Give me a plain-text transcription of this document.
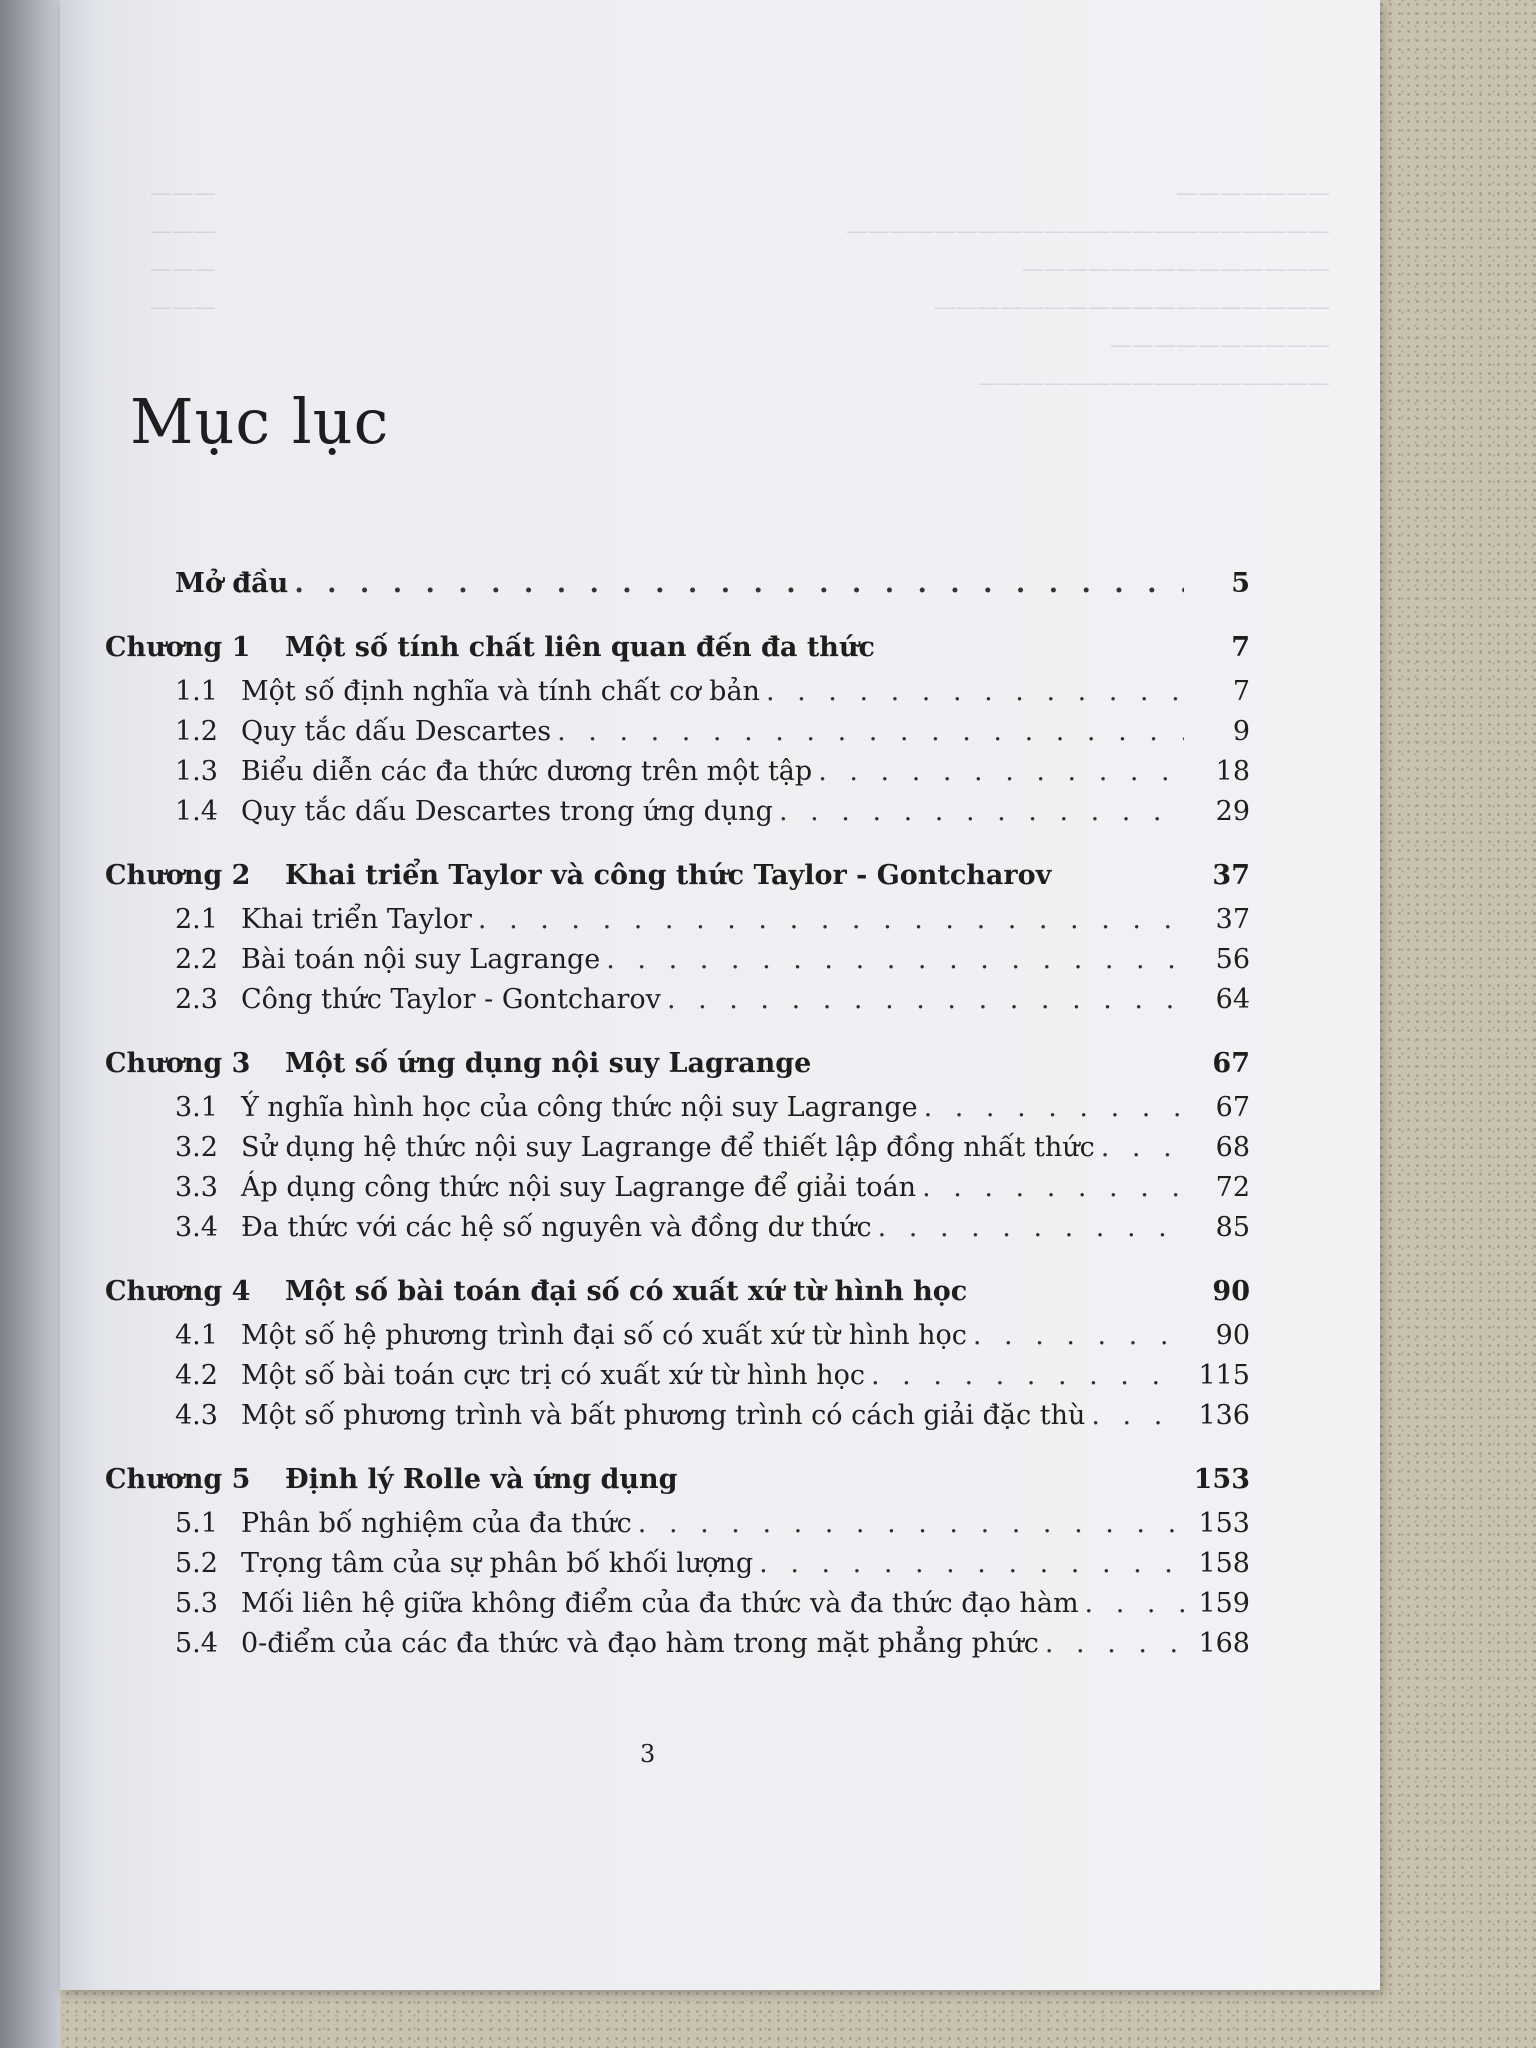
———————
———
——————————————————————
———
——————————————
———
——————————————————
———
——————————
————————————————
Mục lục
Mở đầu . . .	5
Chương 1	Một số tính chất liên quan đến đa thức	7
1.1 Một số định nghĩa và tính chất cơ bản . . .	7
1.2 Quy tắc dấu Descartes . . .	9
1.3 Biểu diễn các đa thức dương trên một tập . . .	18
1.4 Quy tắc dấu Descartes trong ứng dụng . . .	29
Chương 2	Khai triển Taylor và công thức Taylor - Gontcharov	37
2.1 Khai triển Taylor . . .	37
2.2 Bài toán nội suy Lagrange . . .	56
2.3 Công thức Taylor - Gontcharov . . .	64
Chương 3	Một số ứng dụng nội suy Lagrange	67
3.1 Ý nghĩa hình học của công thức nội suy Lagrange . . .	67
3.2 Sử dụng hệ thức nội suy Lagrange để thiết lập đồng nhất thức . . .	68
3.3 Áp dụng công thức nội suy Lagrange để giải toán . . .	72
3.4 Đa thức với các hệ số nguyên và đồng dư thức . . .	85
Chương 4	Một số bài toán đại số có xuất xứ từ hình học	90
4.1 Một số hệ phương trình đại số có xuất xứ từ hình học . . .	90
4.2 Một số bài toán cực trị có xuất xứ từ hình học . . .	115
4.3 Một số phương trình và bất phương trình có cách giải đặc thù . . .	136
Chương 5	Định lý Rolle và ứng dụng	153
5.1 Phân bố nghiệm của đa thức . . .	153
5.2 Trọng tâm của sự phân bố khối lượng . . .	158
5.3 Mối liên hệ giữa không điểm của đa thức và đa thức đạo hàm . . .	159
5.4 0-điểm của các đa thức và đạo hàm trong mặt phẳng phức . . .	168
3
